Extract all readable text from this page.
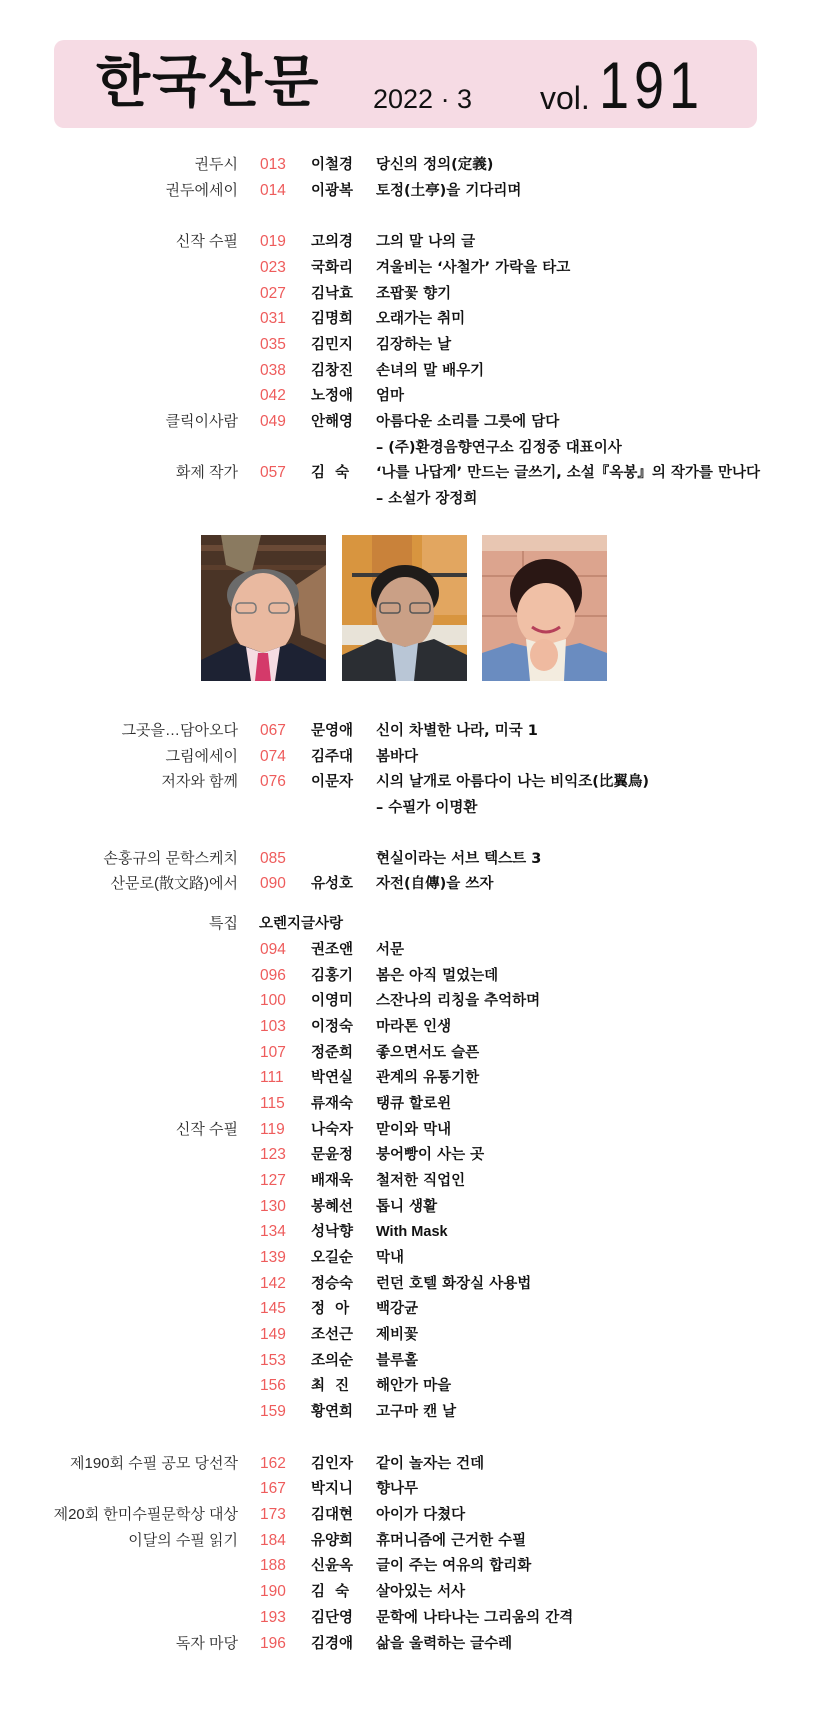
한국산문 2022 · 3 vol. 191
권두시 013 이철경 당신의 정의(定義)
권두에세이 014 이광복 토정(土亭)을 기다리며
신작 수필 019 고의경 그의 말 나의 글
023 국화리 겨울비는 ‘사철가’ 가락을 타고
027 김낙효 조팝꽃 향기
031 김명희 오래가는 취미
035 김민지 김장하는 날
038 김창진 손녀의 말 배우기
042 노정애 엄마
클릭이사람 049 안해영 아름다운 소리를 그릇에 담다
– (주)환경음향연구소 김정중 대표이사
화제 작가 057 김  숙 ‘나를 나답게’ 만드는 글쓰기, 소설『옥봉』의 작가를 만나다
– 소설가 장정희
그곳을…담아오다 067 문영애 신이 차별한 나라, 미국 1
그림에세이 074 김주대 봄바다
저자와 함께 076 이문자 시의 날개로 아름다이 나는 비익조(比翼鳥)
– 수필가 이명환
손홍규의 문학스케치 085	현실이라는 서브 텍스트 3
산문로(散文路)에서 090 유성호 자전(自傳)을 쓰자
특집 오렌지글사랑
094 권조앤 서문
096 김홍기 봄은 아직 멀었는데
100 이영미 스잔나의 리칭을 추억하며
103 이정숙 마라톤 인생
107 정준희 좋으면서도 슬픈
111 박연실 관계의 유통기한
115 류재숙 탱큐 할로윈
신작 수필 119 나숙자 맏이와 막내
123 문윤정 붕어빵이 사는 곳
127 배재욱 철저한 직업인
130 봉혜선 톱니 생활
134 성낙향 With Mask
139 오길순 막내
142 정승숙 런던 호텔 화장실 사용법
145 정  아 백강균
149 조선근 제비꽃
153 조의순 블루홀
156 최  진 해안가 마을
159 황연희 고구마 캔 날
제190회 수필 공모 당선작 162 김인자 같이 놀자는 건데
167 박지니 향나무
제20회 한미수필문학상 대상 173 김대현 아이가 다쳤다
이달의 수필 읽기 184 유양희 휴머니즘에 근거한 수필
188 신윤옥 글이 주는 여유의 합리화
190 김  숙 살아있는 서사
193 김단영 문학에 나타나는 그리움의 간격
독자 마당 196 김경애 삶을 울력하는 글수레
